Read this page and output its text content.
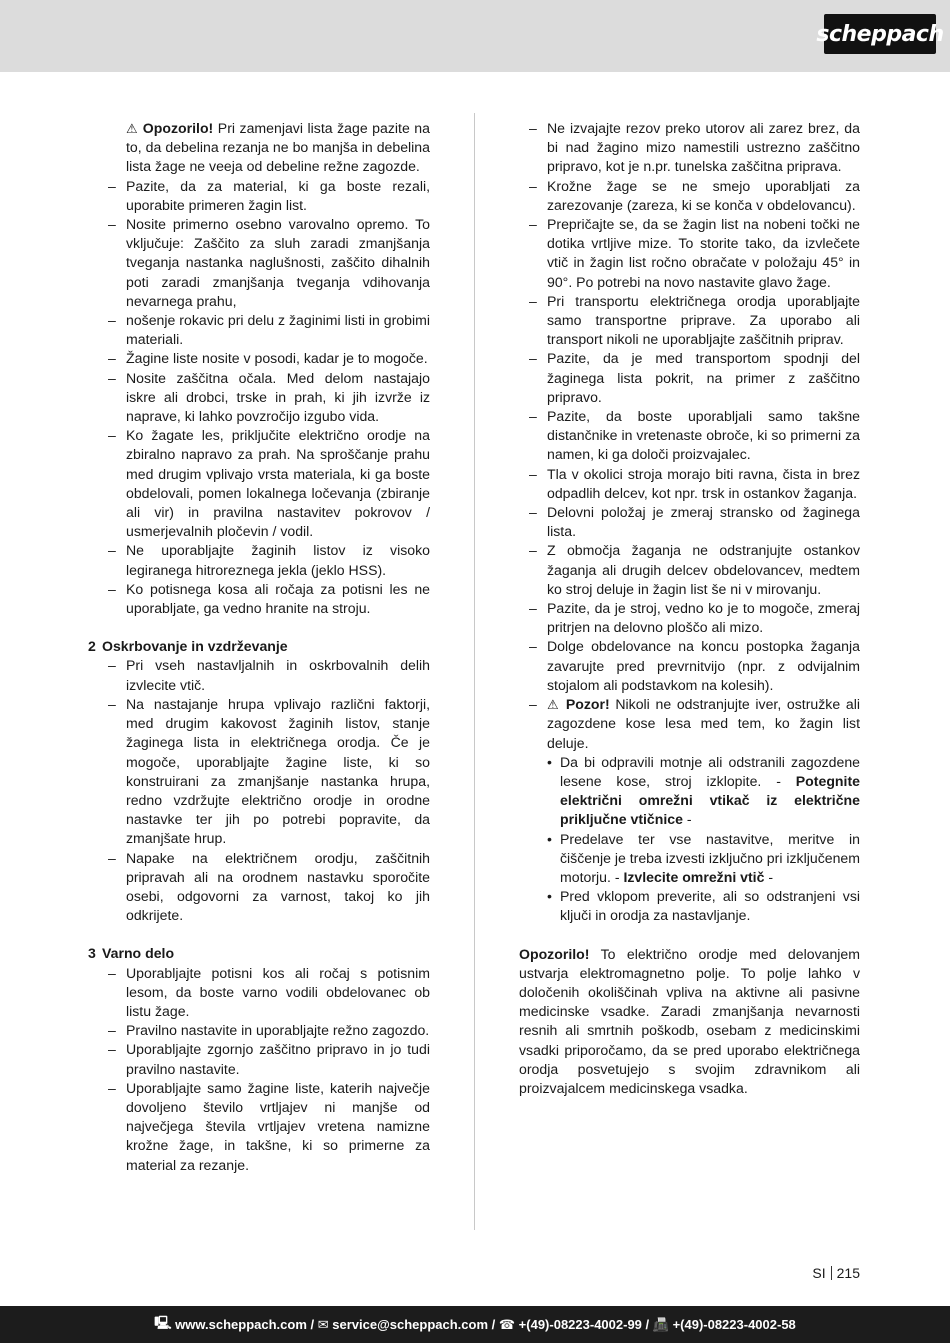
scheppach
⚠ Opozorilo! Pri zamenjavi lista žage pazite na to, da debelina rezanja ne bo manjša in debelina lista žage ne veeja od debeline režne zagozde.
– Pazite, da za material, ki ga boste rezali, uporabite primeren žagin list.
– Nosite primerno osebno varovalno opremo. To vključuje: Zaščito za sluh zaradi zmanjšanja tveganja nastanka naglušnosti, zaščito dihalnih poti zaradi zmanjšanja tveganja vdihovanja nevarnega prahu,
– nošenje rokavic pri delu z žaginimi listi in grobimi materiali.
– Žagine liste nosite v posodi, kadar je to mogoče.
– Nosite zaščitna očala. Med delom nastajajo iskre ali drobci, trske in prah, ki jih izvrže iz naprave, ki lahko povzročijo izgubo vida.
– Ko žagate les, priključite električno orodje na zbiralno napravo za prah. Na sproščanje prahu med drugim vplivajo vrsta materiala, ki ga boste obdelovali, pomen lokalnega ločevanja (zbiranje ali vir) in pravilna nastavitev pokrovov / usmerjevalnih pločevin / vodil.
– Ne uporabljajte žaginih listov iz visoko legiranega hitroreznega jekla (jeklo HSS).
– Ko potisnega kosa ali ročaja za potisni les ne uporabljate, ga vedno hranite na stroju.
2 Oskrbovanje in vzdrževanje
– Pri vseh nastavljalnih in oskrbovalnih delih izvlecite vtič.
– Na nastajanje hrupa vplivajo različni faktorji, med drugim kakovost žaginih listov, stanje žaginega lista in električnega orodja. Če je mogoče, uporabljajte žagine liste, ki so konstruirani za zmanjšanje nastanka hrupa, redno vzdržujte električno orodje in orodne nastavke ter jih po potrebi popravite, da zmanjšate hrup.
– Napake na električnem orodju, zaščitnih pripravah ali na orodnem nastavku sporočite osebi, odgovorni za varnost, takoj ko jih odkrijete.
3 Varno delo
– Uporabljajte potisni kos ali ročaj s potisnim lesom, da boste varno vodili obdelovanec ob listu žage.
– Pravilno nastavite in uporabljajte režno zagozdo.
– Uporabljajte zgornjo zaščitno pripravo in jo tudi pravilno nastavite.
– Uporabljajte samo žagine liste, katerih največje dovoljeno število vrtljajev ni manjše od največjega števila vrtljajev vretena namizne krožne žage, in takšne, ki so primerne za material za rezanje.
– Ne izvajajte rezov preko utorov ali zarez brez, da bi nad žagino mizo namestili ustrezno zaščitno pripravo, kot je n.pr. tunelska zaščitna priprava.
– Krožne žage se ne smejo uporabljati za zarezovanje (zareza, ki se konča v obdelovancu).
– Prepričajte se, da se žagin list na nobeni točki ne dotika vrtljive mize. To storite tako, da izvlečete vtič in žagin list ročno obračate v položaju 45° in 90°. Po potrebi na novo nastavite glavo žage.
– Pri transportu električnega orodja uporabljajte samo transportne priprave. Za uporabo ali transport nikoli ne uporabljajte zaščitnih priprav.
– Pazite, da je med transportom spodnji del žaginega lista pokrit, na primer z zaščitno pripravo.
– Pazite, da boste uporabljali samo takšne distančnike in vretenaste obroče, ki so primerni za namen, ki ga določi proizvajalec.
– Tla v okolici stroja morajo biti ravna, čista in brez odpadlih delcev, kot npr. trsk in ostankov žaganja.
– Delovni položaj je zmeraj stransko od žaginega lista.
– Z območja žaganja ne odstranjujte ostankov žaganja ali drugih delcev obdelovancev, medtem ko stroj deluje in žagin list še ni v mirovanju.
– Pazite, da je stroj, vedno ko je to mogoče, zmeraj pritrjen na delovno ploščo ali mizo.
– Dolge obdelovance na koncu postopka žaganja zavarujte pred prevrnitvijo (npr. z odvijalnim stojalom ali podstavkom na kolesih).
– ⚠ Pozor! Nikoli ne odstranjujte iver, ostružke ali zagozdene kose lesa med tem, ko žagin list deluje.
• Da bi odpravili motnje ali odstranili zagozdene lesene kose, stroj izklopite. - Potegnite električni omrežni vtikač iz električne priključne vtičnice -
• Predelave ter vse nastavitve, meritve in čiščenje je treba izvesti izključno pri izključenem motorju. - Izvlecite omrežni vtič -
• Pred vklopom preverite, ali so odstranjeni vsi ključi in orodja za nastavljanje.
Opozorilo! To električno orodje med delovanjem ustvarja elektromagnetno polje. To polje lahko v določenih okoliščinah vpliva na aktivne ali pasivne medicinske vsadke. Zaradi zmanjšanja nevarnosti resnih ali smrtnih poškodb, osebam z medicinskimi vsadki priporočamo, da se pred uporabo električnega orodja posvetujejo s svojim zdravnikom ali proizvajalcem medicinskega vsadka.
SI 215
🖳 www.scheppach.com / ✉ service@scheppach.com / ☎ +(49)-08223-4002-99 / 📠 +(49)-08223-4002-58
